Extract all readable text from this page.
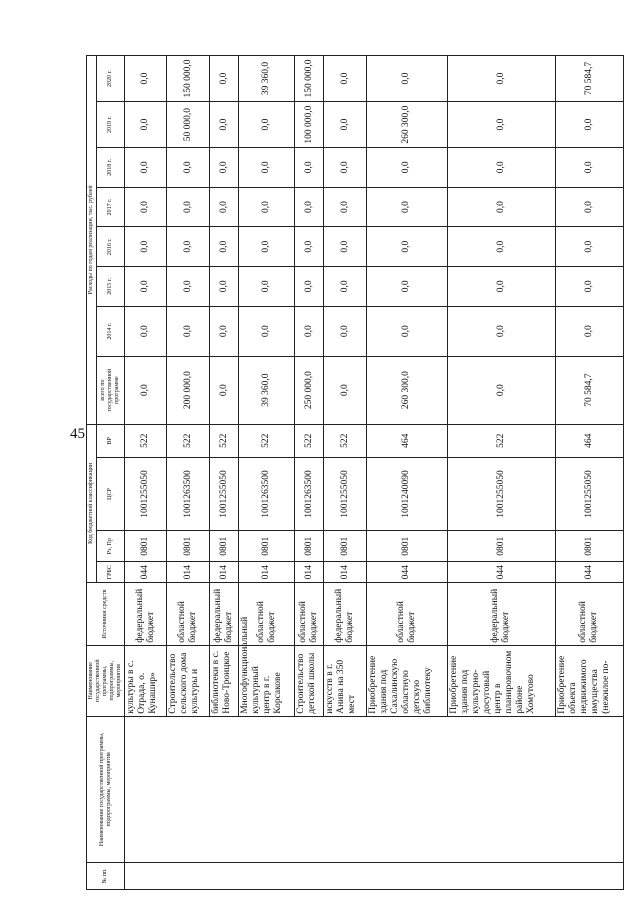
45
№ пп.	Наименование государственной программы, подпрограммы, мероприятия	Наименование государственной программы, подпрограммы, мероприятия	Источники средств	Код бюджетной классификации				Расходы по годам реализации, тыс. рублей							
				ГРБС	Рз, Пр	ЦСР	ВР	всего по государственной программе	2014 г.	2015 г.	2016 г.	2017 г.	2018 г.	2019 г.	2020 г.

		культуры в с. Отрада, о. Кунашир»	федеральный бюджет	044	0801	1001255050	522	0,0	0,0	0,0	0,0	0,0	0,0	0,0	0,0
		Строительство сельского дома культуры и	областной бюджет	014	0801	1001263500	522	200 000,0	0,0	0,0	0,0	0,0	0,0	50 000,0	150 000,0
		библиотеки в с. Ново-Троицкое	федеральный бюджет	014	0801	1001255050	522	0,0	0,0	0,0	0,0	0,0	0,0	0,0	0,0
		Многофункциональный культурный центр в г. Корсакове	областной бюджет	014	0801	1001263500	522	39 360,0	0,0	0,0	0,0	0,0	0,0	0,0	39 360,0
		Строительство детской школы	областной бюджет	014	0801	1001263500	522	250 000,0	0,0	0,0	0,0	0,0	0,0	100 000,0	150 000,0
		искусств в г. Анива на 350 мест	федеральный бюджет	014	0801	1001255050	522	0,0	0,0	0,0	0,0	0,0	0,0	0,0	0,0
		Приобретение здания под Сахалинскую областную детскую библиотеку	областной бюджет	044	0801	1001240090	464	260 300,0	0,0	0,0	0,0	0,0	0,0	260 300,0	0,0
		Приобретение здания под культурно-досуговый центр в планировочном районе Хомутово	федеральный бюджет	044	0801	1001255050	522	0,0	0,0	0,0	0,0	0,0	0,0	0,0	0,0
		Приобретение объекта недвижимого имущества (нежилое по-	областной бюджет	044	0801	1001255050	464	70 584,7	0,0	0,0	0,0	0,0	0,0	0,0	70 584,7
